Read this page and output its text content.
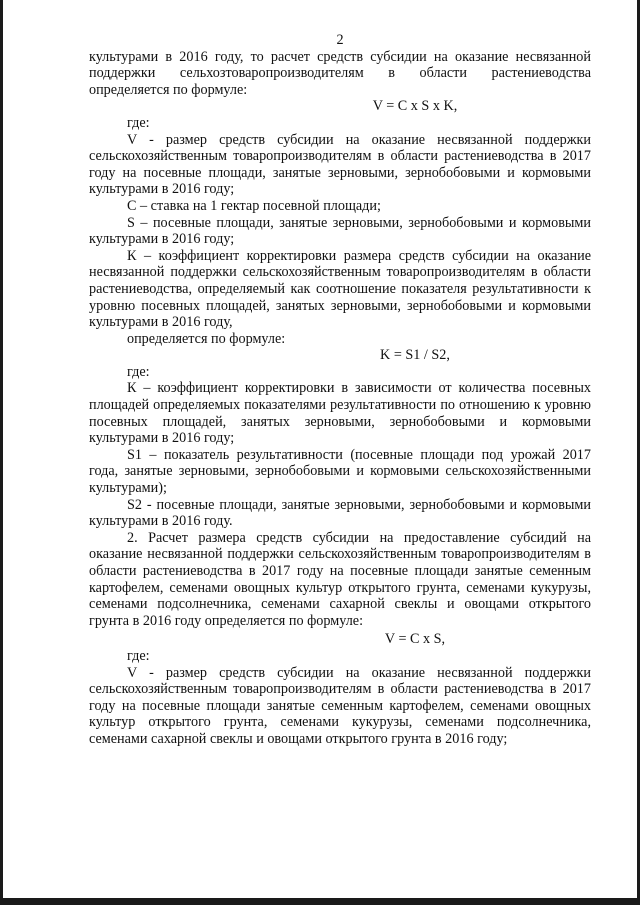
2

культурами в 2016 году, то расчет средств субсидии на оказание несвязанной поддержки сельхозтоваропроизводителям в области растениеводства определяется по формуле:

V = C x S x K,

где:

V - размер средств субсидии на оказание несвязанной поддержки сельскохозяйственным товаропроизводителям в области растениеводства в 2017 году на посевные площади, занятые зерновыми, зернобобовыми и кормовыми культурами в 2016 году;

С – ставка на 1 гектар посевной площади;

S – посевные площади, занятые зерновыми, зернобобовыми и кормовыми культурами в 2016 году;

К – коэффициент корректировки размера средств субсидии на оказание несвязанной поддержки сельскохозяйственным товаропроизводителям в области растениеводства, определяемый как соотношение показателя результативности к уровню посевных площадей, занятых зерновыми, зернобобовыми и кормовыми культурами в 2016 году,

определяется по формуле:

K = S1 / S2,

где:

К – коэффициент корректировки в зависимости от количества посевных площадей определяемых показателями результативности по отношению к уровню посевных площадей, занятых зерновыми, зернобобовыми и кормовыми культурами в 2016 году;

S1 – показатель результативности (посевные площади под урожай 2017 года, занятые зерновыми, зернобобовыми и кормовыми сельскохозяйственными культурами);

S2 - посевные площади, занятые зерновыми, зернобобовыми и кормовыми культурами в 2016 году.

2. Расчет размера средств субсидии на предоставление субсидий на оказание несвязанной поддержки сельскохозяйственным товаропроизводителям в области растениеводства в 2017 году на посевные площади занятые семенным картофелем, семенами овощных культур открытого грунта, семенами кукурузы, семенами подсолнечника, семенами сахарной свеклы и овощами открытого грунта в 2016 году определяется по формуле:

V = C x S,

где:

V - размер средств субсидии на оказание несвязанной поддержки сельскохозяйственным товаропроизводителям в области растениеводства в 2017 году на посевные площади занятые семенным картофелем, семенами овощных культур открытого грунта, семенами кукурузы, семенами подсолнечника, семенами сахарной свеклы и овощами открытого грунта в 2016 году;
